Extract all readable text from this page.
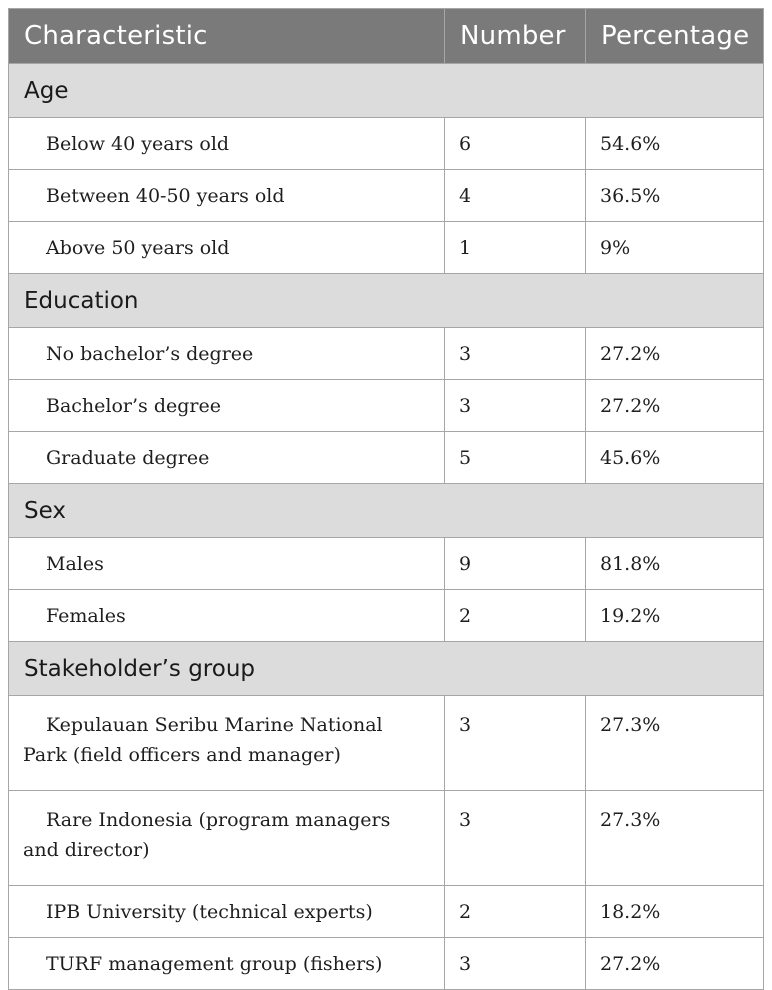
Characteristic	Number	Percentage
Age		
Below 40 years old	6	54.6%
Between 40-50 years old	4	36.5%
Above 50 years old	1	9%
Education		
No bachelor’s degree	3	27.2%
Bachelor’s degree	3	27.2%
Graduate degree	5	45.6%
Sex		
Males	9	81.8%
Females	2	19.2%
Stakeholder’s group		
Kepulauan Seribu Marine National Park (field officers and manager)	3	27.3%
Rare Indonesia (program managers and director)	3	27.3%
IPB University (technical experts)	2	18.2%
TURF management group (fishers)	3	27.2%
